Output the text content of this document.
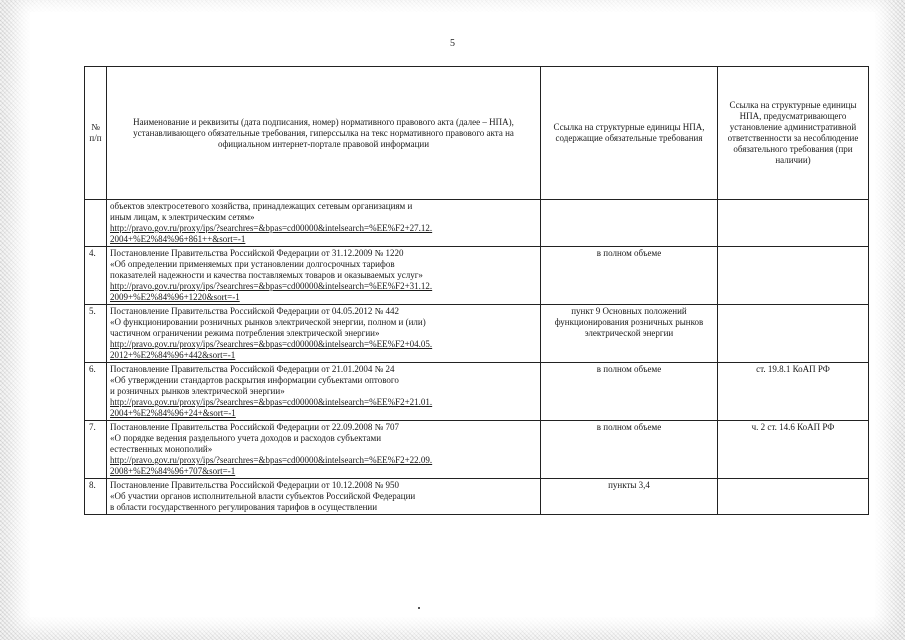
5
№ п/п	Наименование и реквизиты (дата подписания, номер) нормативного правового акта (далее – НПА), устанавливающего обязательные требования, гиперссылка на текс нормативного правового акта на официальном интернет-портале правовой информации	Ссылка на структурные единицы НПА, содержащие обязательные требования	Ссылка на структурные единицы НПА, предусматривающего установление административной ответственности за несоблюдение обязательного требования (при наличии)

	объектов электросетевого хозяйства, принадлежащих сетевым организациям и
иным лицам, к электрическим сетям»
http://pravo.gov.ru/proxy/ips/?searchres=&bpas=cd00000&intelsearch=%EE%F2+27.12.
2004+%E2%84%96+861++&sort=-1		

4.	Постановление Правительства Российской Федерации от 31.12.2009 № 1220
«Об определении применяемых при установлении долгосрочных тарифов
показателей надежности и качества поставляемых товаров и оказываемых услуг»
http://pravo.gov.ru/proxy/ips/?searchres=&bpas=cd00000&intelsearch=%EE%F2+31.12.
2009+%E2%84%96+1220&sort=-1	в полном объеме	
5.	Постановление Правительства Российской Федерации от 04.05.2012 № 442
«О функционировании розничных рынков электрической энергии, полном и (или)
частичном ограничении режима потребления электрической энергии»
http://pravo.gov.ru/proxy/ips/?searchres=&bpas=cd00000&intelsearch=%EE%F2+04.05.
2012+%E2%84%96+442&sort=-1	пункт 9 Основных положений функционирования розничных рынков электрической энергии	
6.	Постановление Правительства Российской Федерации от 21.01.2004 № 24
«Об утверждении стандартов раскрытия информации субъектами оптового
и розничных рынков электрической энергии»
http://pravo.gov.ru/proxy/ips/?searchres=&bpas=cd00000&intelsearch=%EE%F2+21.01.
2004+%E2%84%96+24+&sort=-1	в полном объеме	ст. 19.8.1 КоАП РФ
7.	Постановление Правительства Российской Федерации от 22.09.2008 № 707
«О порядке ведения раздельного учета доходов и расходов субъектами
естественных монополий»
http://pravo.gov.ru/proxy/ips/?searchres=&bpas=cd00000&intelsearch=%EE%F2+22.09.
2008+%E2%84%96+707&sort=-1	в полном объеме	ч. 2 ст. 14.6 КоАП РФ
8.	Постановление Правительства Российской Федерации от 10.12.2008 № 950
«Об участии органов исполнительной власти субъектов Российской Федерации
в области государственного регулирования тарифов в осуществлении	пункты 3,4	
